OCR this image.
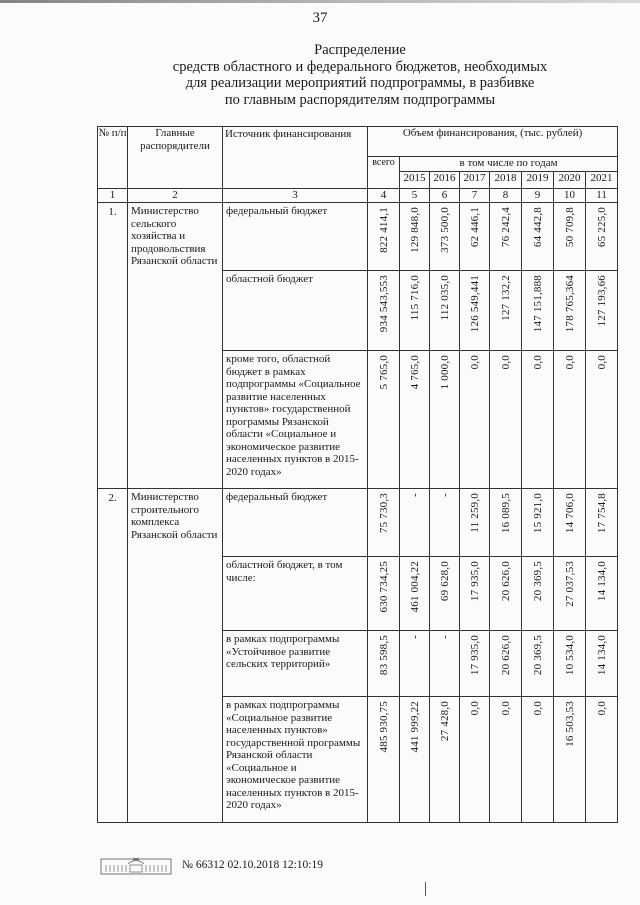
37
Распределение
средств областного и федерального бюджетов, необходимых
для реализации мероприятий подпрограммы, в разбивке
по главным распорядителям подпрограммы
№ п/п	Главные распорядители	Источник финансирования	Объем финансирования, (тыс. рублей)							
			всего	в том числе по годам						
				2015	2016	2017	2018	2019	2020	2021
1	2	3	4	5	6	7	8	9	10	11
1.	Министерство сельского хозяйства и продовольствия Рязанской области	федеральный бюджет	822 414,1	129 848,0	373 500,0	62 446,1	76 242,4	64 442,8	50 709,8	65 225,0

		областной бюджет	934 543,553	115 716,0	112 035,0	126 549,441	127 132,2	147 151,888	178 765,364	127 193,66

		кроме того, областной бюджет в рамках подпрограммы «Социальное развитие населенных пунктов» государственной программы Рязанской области «Социальное и экономическое развитие населенных пунктов в 2015-2020 годах»	5 765,0	4 765,0	1 000,0	0,0	0,0	0,0	0,0	0,0

2.	Министерство строительного комплекса Рязанской области	федеральный бюджет	75 730,3	-	-	11 259,0	16 089,5	15 921,0	14 706,0	17 754,8

		областной бюджет, в том числе:	630 734,25	461 004,22	69 628,0	17 935,0	20 626,0	20 369,5	27 037,53	14 134,0

		в рамках подпрограммы «Устойчивое развитие сельских территорий»	83 598,5	-	-	17 935,0	20 626,0	20 369,5	10 534,0	14 134,0

		в рамках подпрограммы «Социальное развитие населенных пунктов» государственной программы Рязанской области «Социальное и экономическое развитие населенных пунктов в 2015-2020 годах»	485 930,75	441 999,22	27 428,0	0,0	0,0	0,0	16 503,53	0,0
№ 66312 02.10.2018 12:10:19
